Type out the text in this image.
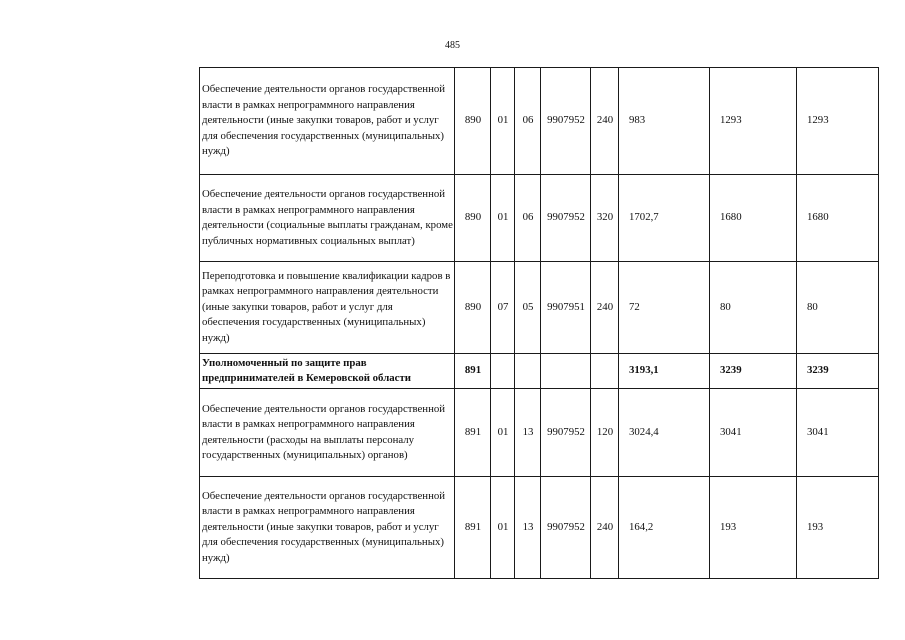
485
Обеспечение деятельности органов государственной власти в рамках непрограммного направления деятельности (иные закупки товаров, работ и услуг для обеспечения государственных (муниципальных) нужд)	890	01	06	9907952	240	983	1293	1293
Обеспечение деятельности органов государственной власти в рамках непрограммного направления деятельности (социальные выплаты гражданам, кроме публичных нормативных социальных выплат)	890	01	06	9907952	320	1702,7	1680	1680
Переподготовка и повышение квалификации кадров в рамках непрограммного направления деятельности (иные закупки товаров, работ и услуг для обеспечения государственных (муниципальных) нужд)	890	07	05	9907951	240	72	80	80
Уполномоченный по защите прав предпринимателей в Кемеровской области	891					3193,1	3239	3239
Обеспечение деятельности органов государственной власти в рамках непрограммного направления деятельности (расходы на выплаты персоналу государственных (муниципальных) органов)	891	01	13	9907952	120	3024,4	3041	3041
Обеспечение деятельности органов государственной власти в рамках непрограммного направления деятельности (иные закупки товаров, работ и услуг для обеспечения государственных (муниципальных) нужд)	891	01	13	9907952	240	164,2	193	193
